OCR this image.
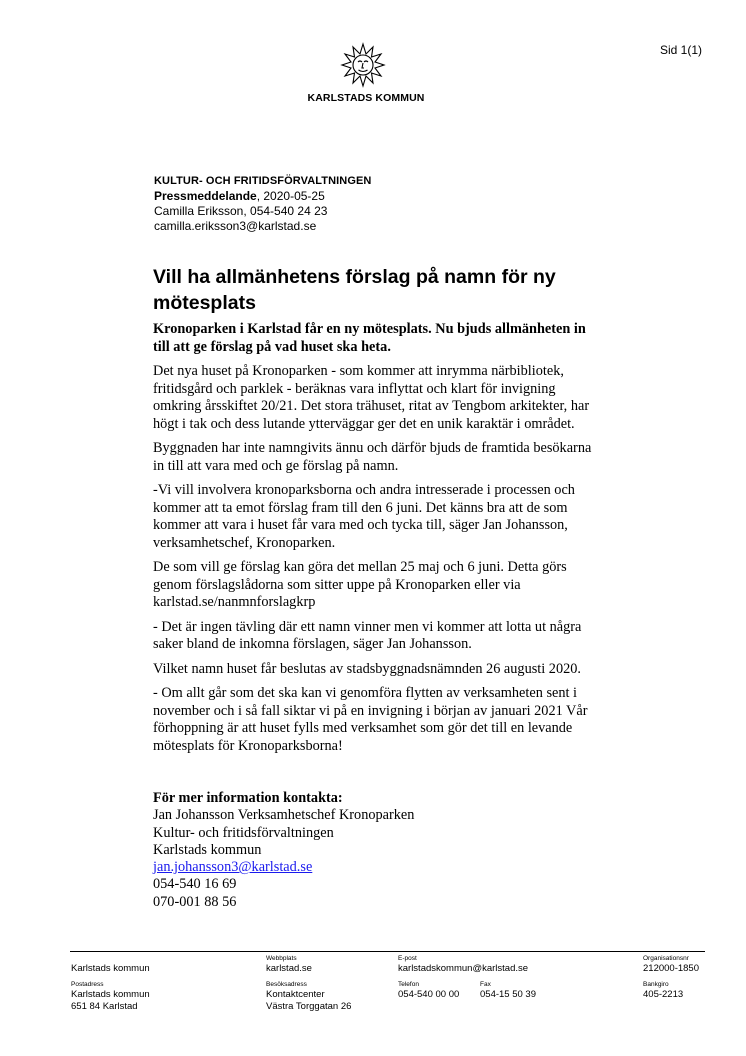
Sid 1(1)
KARLSTADS KOMMUN
KULTUR- OCH FRITIDSFÖRVALTNINGEN
Pressmeddelande, 2020-05-25
Camilla Eriksson, 054-540 24 23
camilla.eriksson3@karlstad.se
Vill ha allmänhetens förslag på namn för ny
mötesplats

Kronoparken i Karlstad får en ny mötesplats. Nu bjuds allmänheten in
till att ge förslag på vad huset ska heta.

Det nya huset på Kronoparken - som kommer att inrymma närbibliotek,
fritidsgård och parklek - beräknas vara inflyttat och klart för invigning
omkring årsskiftet 20/21. Det stora trähuset, ritat av Tengbom arkitekter, har
högt i tak och dess lutande ytterväggar ger det en unik karaktär i området.

Byggnaden har inte namngivits ännu och därför bjuds de framtida besökarna
in till att vara med och ge förslag på namn.

-Vi vill involvera kronoparksborna och andra intresserade i processen och
kommer att ta emot förslag fram till den 6 juni. Det känns bra att de som
kommer att vara i huset får vara med och tycka till, säger Jan Johansson,
verksamhetschef, Kronoparken.

De som vill ge förslag kan göra det mellan 25 maj och 6 juni. Detta görs
genom förslagslådorna som sitter uppe på Kronoparken eller via
karlstad.se/nanmnforslagkrp

- Det är ingen tävling där ett namn vinner men vi kommer att lotta ut några
saker bland de inkomna förslagen, säger Jan Johansson.

Vilket namn huset får beslutas av stadsbyggnadsnämnden 26 augusti 2020.

- Om allt går som det ska kan vi genomföra flytten av verksamheten sent i
november och i så fall siktar vi på en invigning i början av januari 2021 Vår
förhoppning är att huset fylls med verksamhet som gör det till en levande
mötesplats för Kronoparksborna!

För mer information kontakta:
Jan Johansson Verksamhetschef Kronoparken
Kultur- och fritidsförvaltningen
Karlstads kommun
jan.johansson3@karlstad.se
054-540 16 69
070-001 88 56
Karlstads kommun
Webbplats
karlstad.se
E-post
karlstadskommun@karlstad.se
Organisationsnr
212000-1850
Postadress
Karlstads kommun
651 84 Karlstad
Besöksadress
Kontaktcenter
Västra Torggatan 26
Telefon
054-540 00 00
Fax
054-15 50 39
Bankgiro
405-2213
